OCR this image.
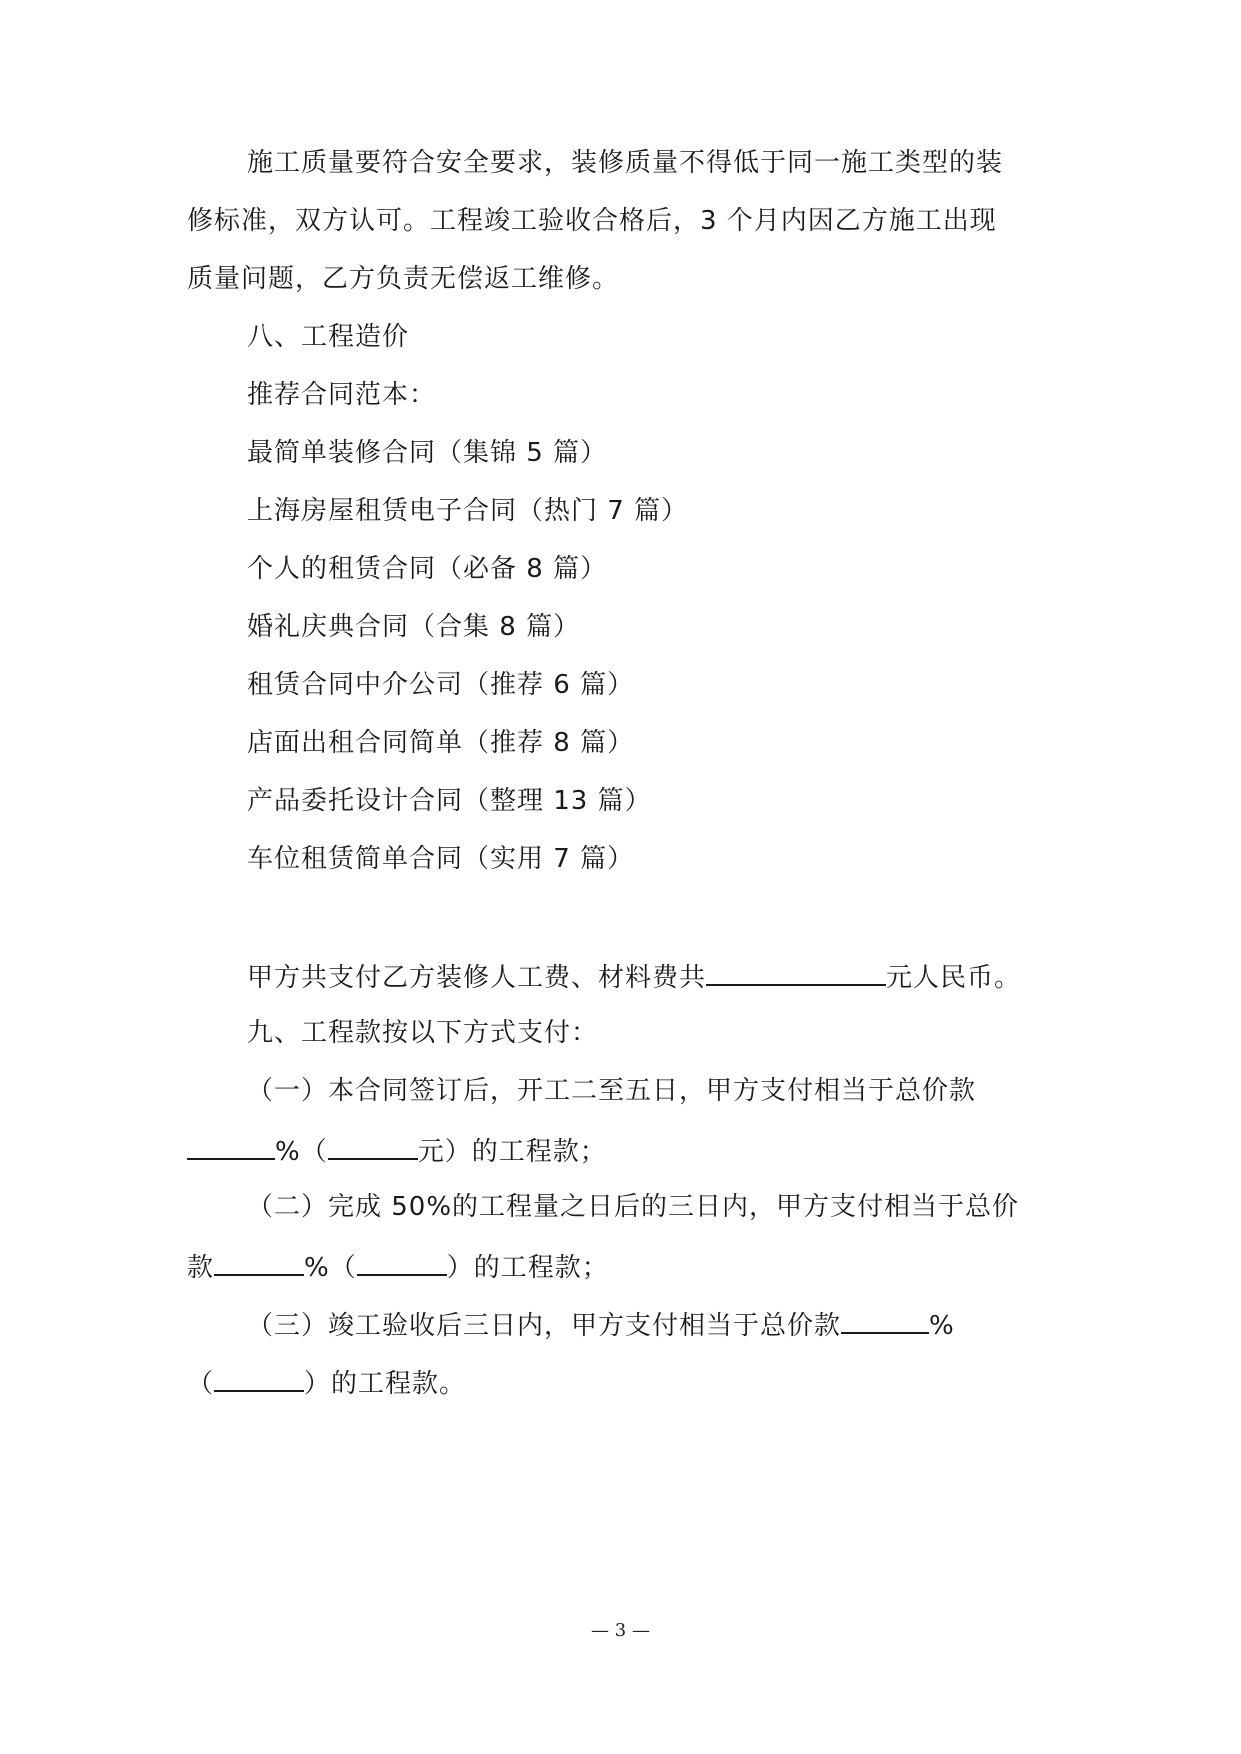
施工质量要符合安全要求，装修质量不得低于同一施工类型的装
修标准，双方认可。工程竣工验收合格后，3 个月内因乙方施工出现
质量问题，乙方负责无偿返工维修。
八、工程造价
推荐合同范本：
最简单装修合同（集锦 5 篇）
上海房屋租赁电子合同（热门 7 篇）
个人的租赁合同（必备 8 篇）
婚礼庆典合同（合集 8 篇）
租赁合同中介公司（推荐 6 篇）
店面出租合同简单（推荐 8 篇）
产品委托设计合同（整理 13 篇）
车位租赁简单合同（实用 7 篇）
甲方共支付乙方装修人工费、材料费共	元人民币。
九、工程款按以下方式支付：
（一）本合同签订后，开工二至五日，甲方支付相当于总价款
%（	元）的工程款；
（二）完成 50%的工程量之日后的三日内，甲方支付相当于总价
款	%（	）的工程款；
（三）竣工验收后三日内，甲方支付相当于总价款	%
（	）的工程款。
— 3 —
